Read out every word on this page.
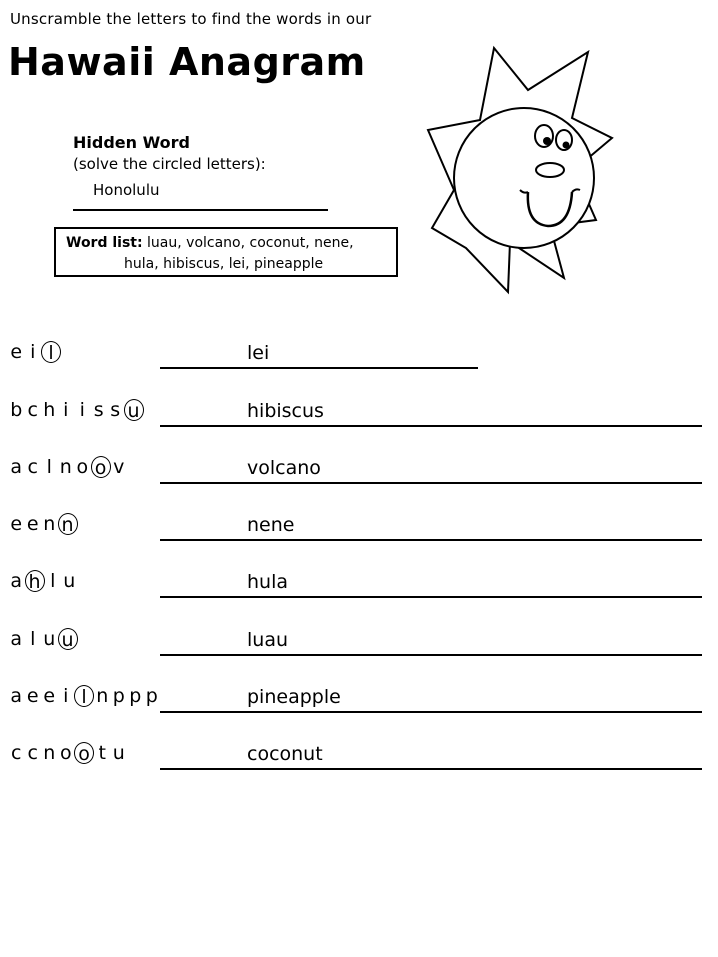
Unscramble the letters to find the words in our
Hawaii Anagram
Hidden Word
(solve the circled letters):
Honolulu
Word list: luau, volcano, coconut, nene,
hula, hibiscus, lei, pineapple
e i l	lei
b c h i i s s u	hibiscus
a c l n o o v	volcano
e e n n	nene
a h l u	hula
a l u u	luau
a e e i l n p p p	pineapple
c c n o o t u	coconut
